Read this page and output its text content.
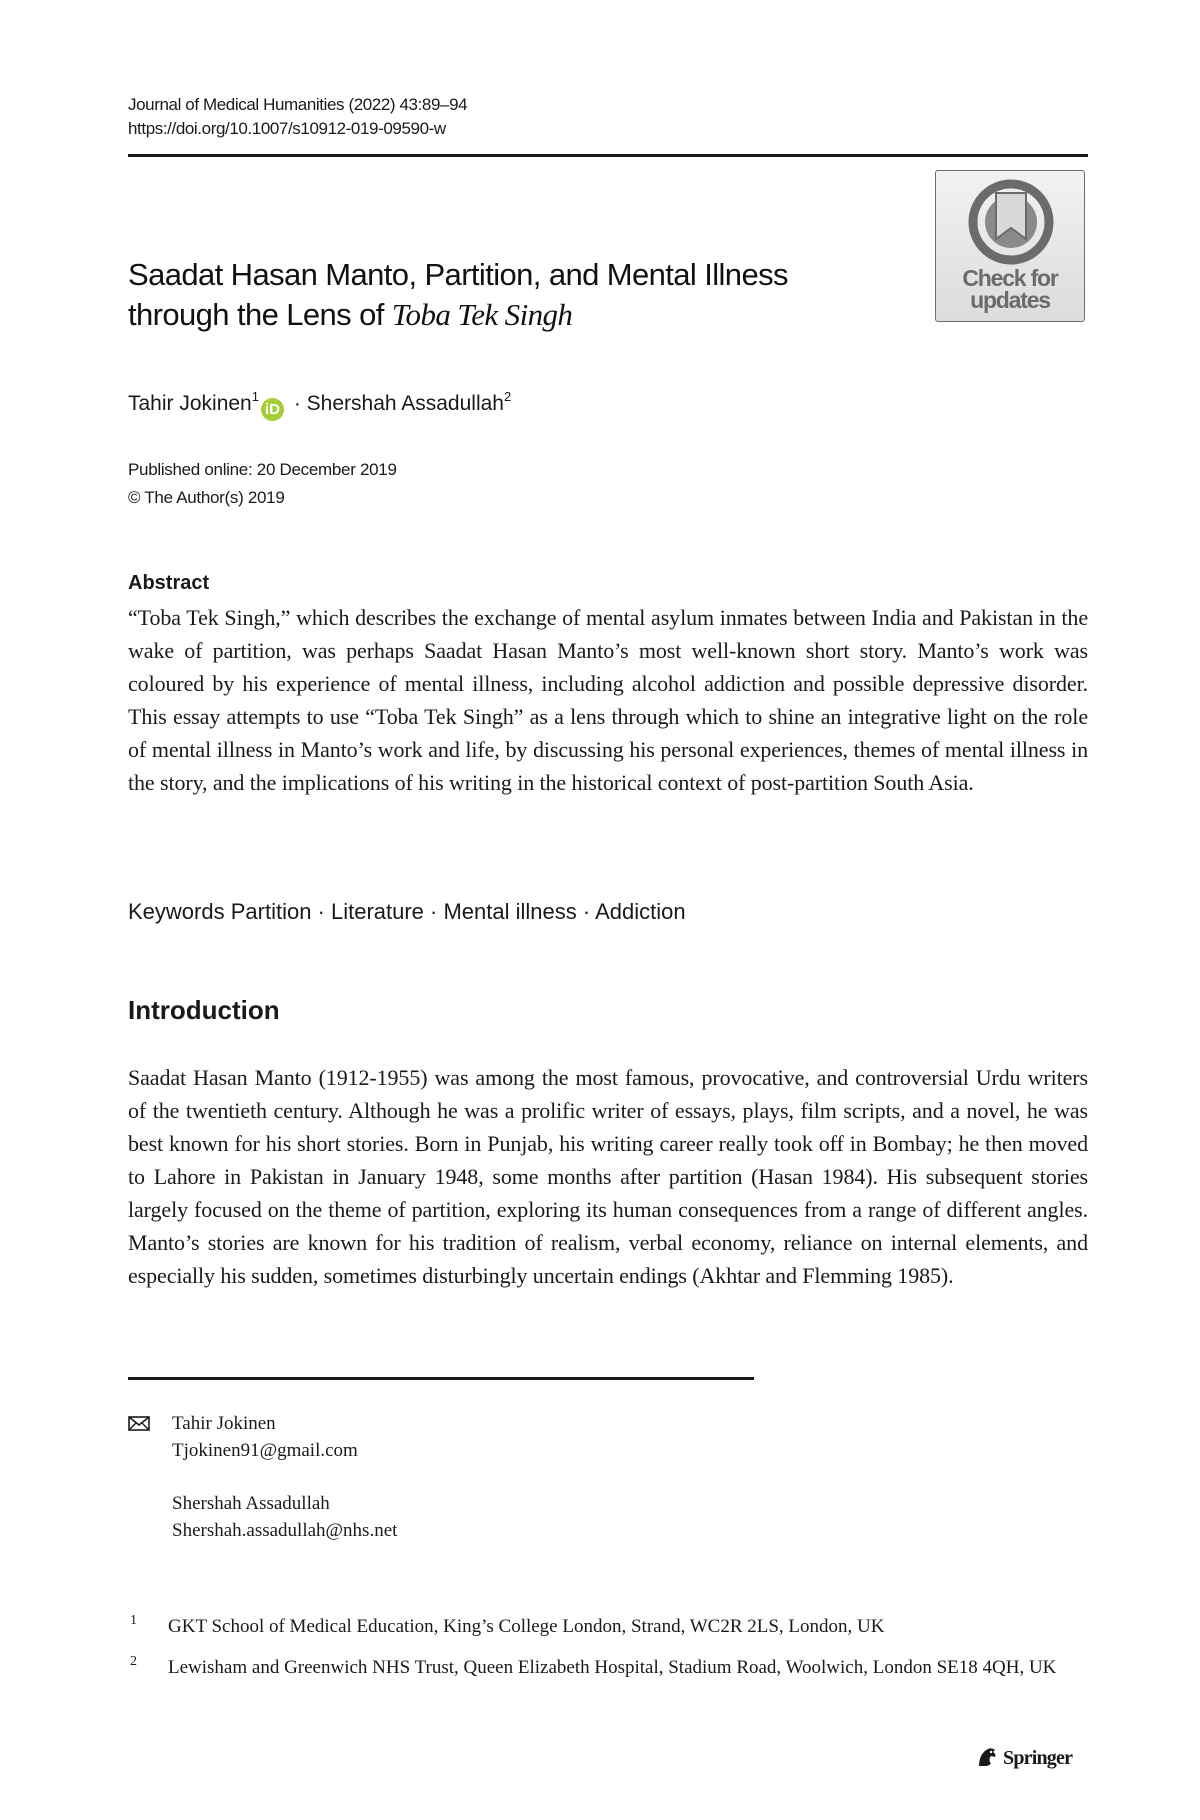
Journal of Medical Humanities (2022) 43:89–94
https://doi.org/10.1007/s10912-019-09590-w
Check for
updates
Saadat Hasan Manto, Partition, and Mental Illness
through the Lens of Toba Tek Singh
Tahir Jokinen$^1$iD · Shershah Assadullah$^2$
Published online: 20 December 2019
© The Author(s) 2019
Abstract

“Toba Tek Singh,” which describes the exchange of mental asylum inmates between India and Pakistan in the wake of partition, was perhaps Saadat Hasan Manto’s most well-known short story. Manto’s work was coloured by his experience of mental illness, including alcohol addiction and possible depressive disorder. This essay attempts to use “Toba Tek Singh” as a lens through which to shine an integrative light on the role of mental illness in Manto’s work and life, by discussing his personal experiences, themes of mental illness in the story, and the implications of his writing in the historical context of post-partition South Asia.

Keywords Partition · Literature · Mental illness · Addiction
Introduction

Saadat Hasan Manto (1912-1955) was among the most famous, provocative, and controversial Urdu writers of the twentieth century. Although he was a prolific writer of essays, plays, film scripts, and a novel, he was best known for his short stories. Born in Punjab, his writing career really took off in Bombay; he then moved to Lahore in Pakistan in January 1948, some months after partition (Hasan 1984). His subsequent stories largely focused on the theme of partition, exploring its human consequences from a range of different angles. Manto’s stories are known for his tradition of realism, verbal economy, reliance on internal elements, and especially his sudden, sometimes disturbingly uncertain endings (Akhtar and Flemming 1985).

Tahir Jokinen
Tjokinen91@gmail.com
Shershah Assadullah
Shershah.assadullah@nhs.net
1 GKT School of Medical Education, King’s College London, Strand, WC2R 2LS, London, UK
2 Lewisham and Greenwich NHS Trust, Queen Elizabeth Hospital, Stadium Road, Woolwich, London SE18 4QH, UK
Springer
